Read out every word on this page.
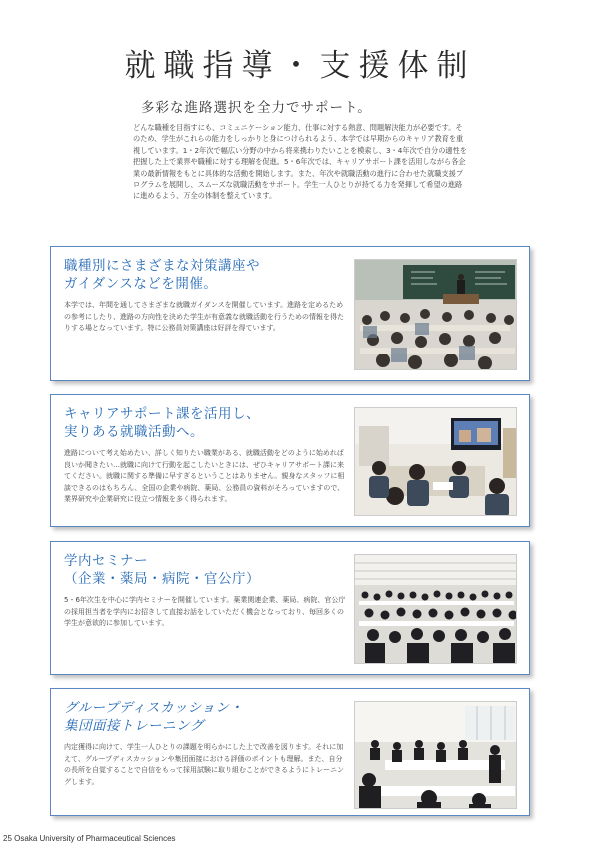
就職指導・支援体制

多彩な進路選択を全力でサポート。

どんな職種を目指すにも、コミュニケーション能力、仕事に対する熱意、問題解決能力が必要です。そのため、学生がこれらの能力をしっかりと身につけられるよう、本学では早期からのキャリア教育を重視しています。1・2年次で幅広い分野の中から将来携わりたいことを模索し、3・4年次で自分の適性を把握した上で業界や職種に対する理解を促進。5・6年次では、キャリアサポート課を活用しながら各企業の最新情報をもとに具体的な活動を開始します。また、年次や就職活動の進行に合わせた就職支援プログラムを展開し、スムーズな就職活動をサポート。学生一人ひとりが持てる力を発揮して希望の進路に進めるよう、万全の体制を整えています。

職種別にさまざまな対策講座や
ガイダンスなどを開催。

本学では、年間を通してさまざまな就職ガイダンスを開催しています。進路を定めるための参考にしたり、進路の方向性を決めた学生が有意義な就職活動を行うための情報を得たりする場となっています。特に公務員対策講座は好評を得ています。

キャリアサポート課を活用し、
実りある就職活動へ。

進路について考え始めたい、詳しく知りたい職業がある、就職活動をどのように始めれば良いか聞きたい…就職に向けて行動を起こしたいときには、ぜひキャリアサポート課に来てください。就職に関する準備に早すぎるということはありません。親身なスタッフに相談できるのはもちろん、全国の企業や病院、薬局、公務員の資料がそろっていますので、業界研究や企業研究に役立つ情報を多く得られます。

学内セミナー
（企業・薬局・病院・官公庁）

5・6年次生を中心に学内セミナーを開催しています。薬業関連企業、薬局、病院、官公庁の採用担当者を学内にお招きして直接お話をしていただく機会となっており、毎回多くの学生が意欲的に参加しています。

グループディスカッション・
集団面接トレーニング

内定獲得に向けて、学生一人ひとりの課題を明らかにした上で改善を図ります。それに加えて、グループディスカッションや集団面接における評価のポイントも理解。また、自分の長所を自覚することで自信をもって採用試験に取り組むことができるようにトレーニングします。

25 Osaka University of Pharmaceutical Sciences
